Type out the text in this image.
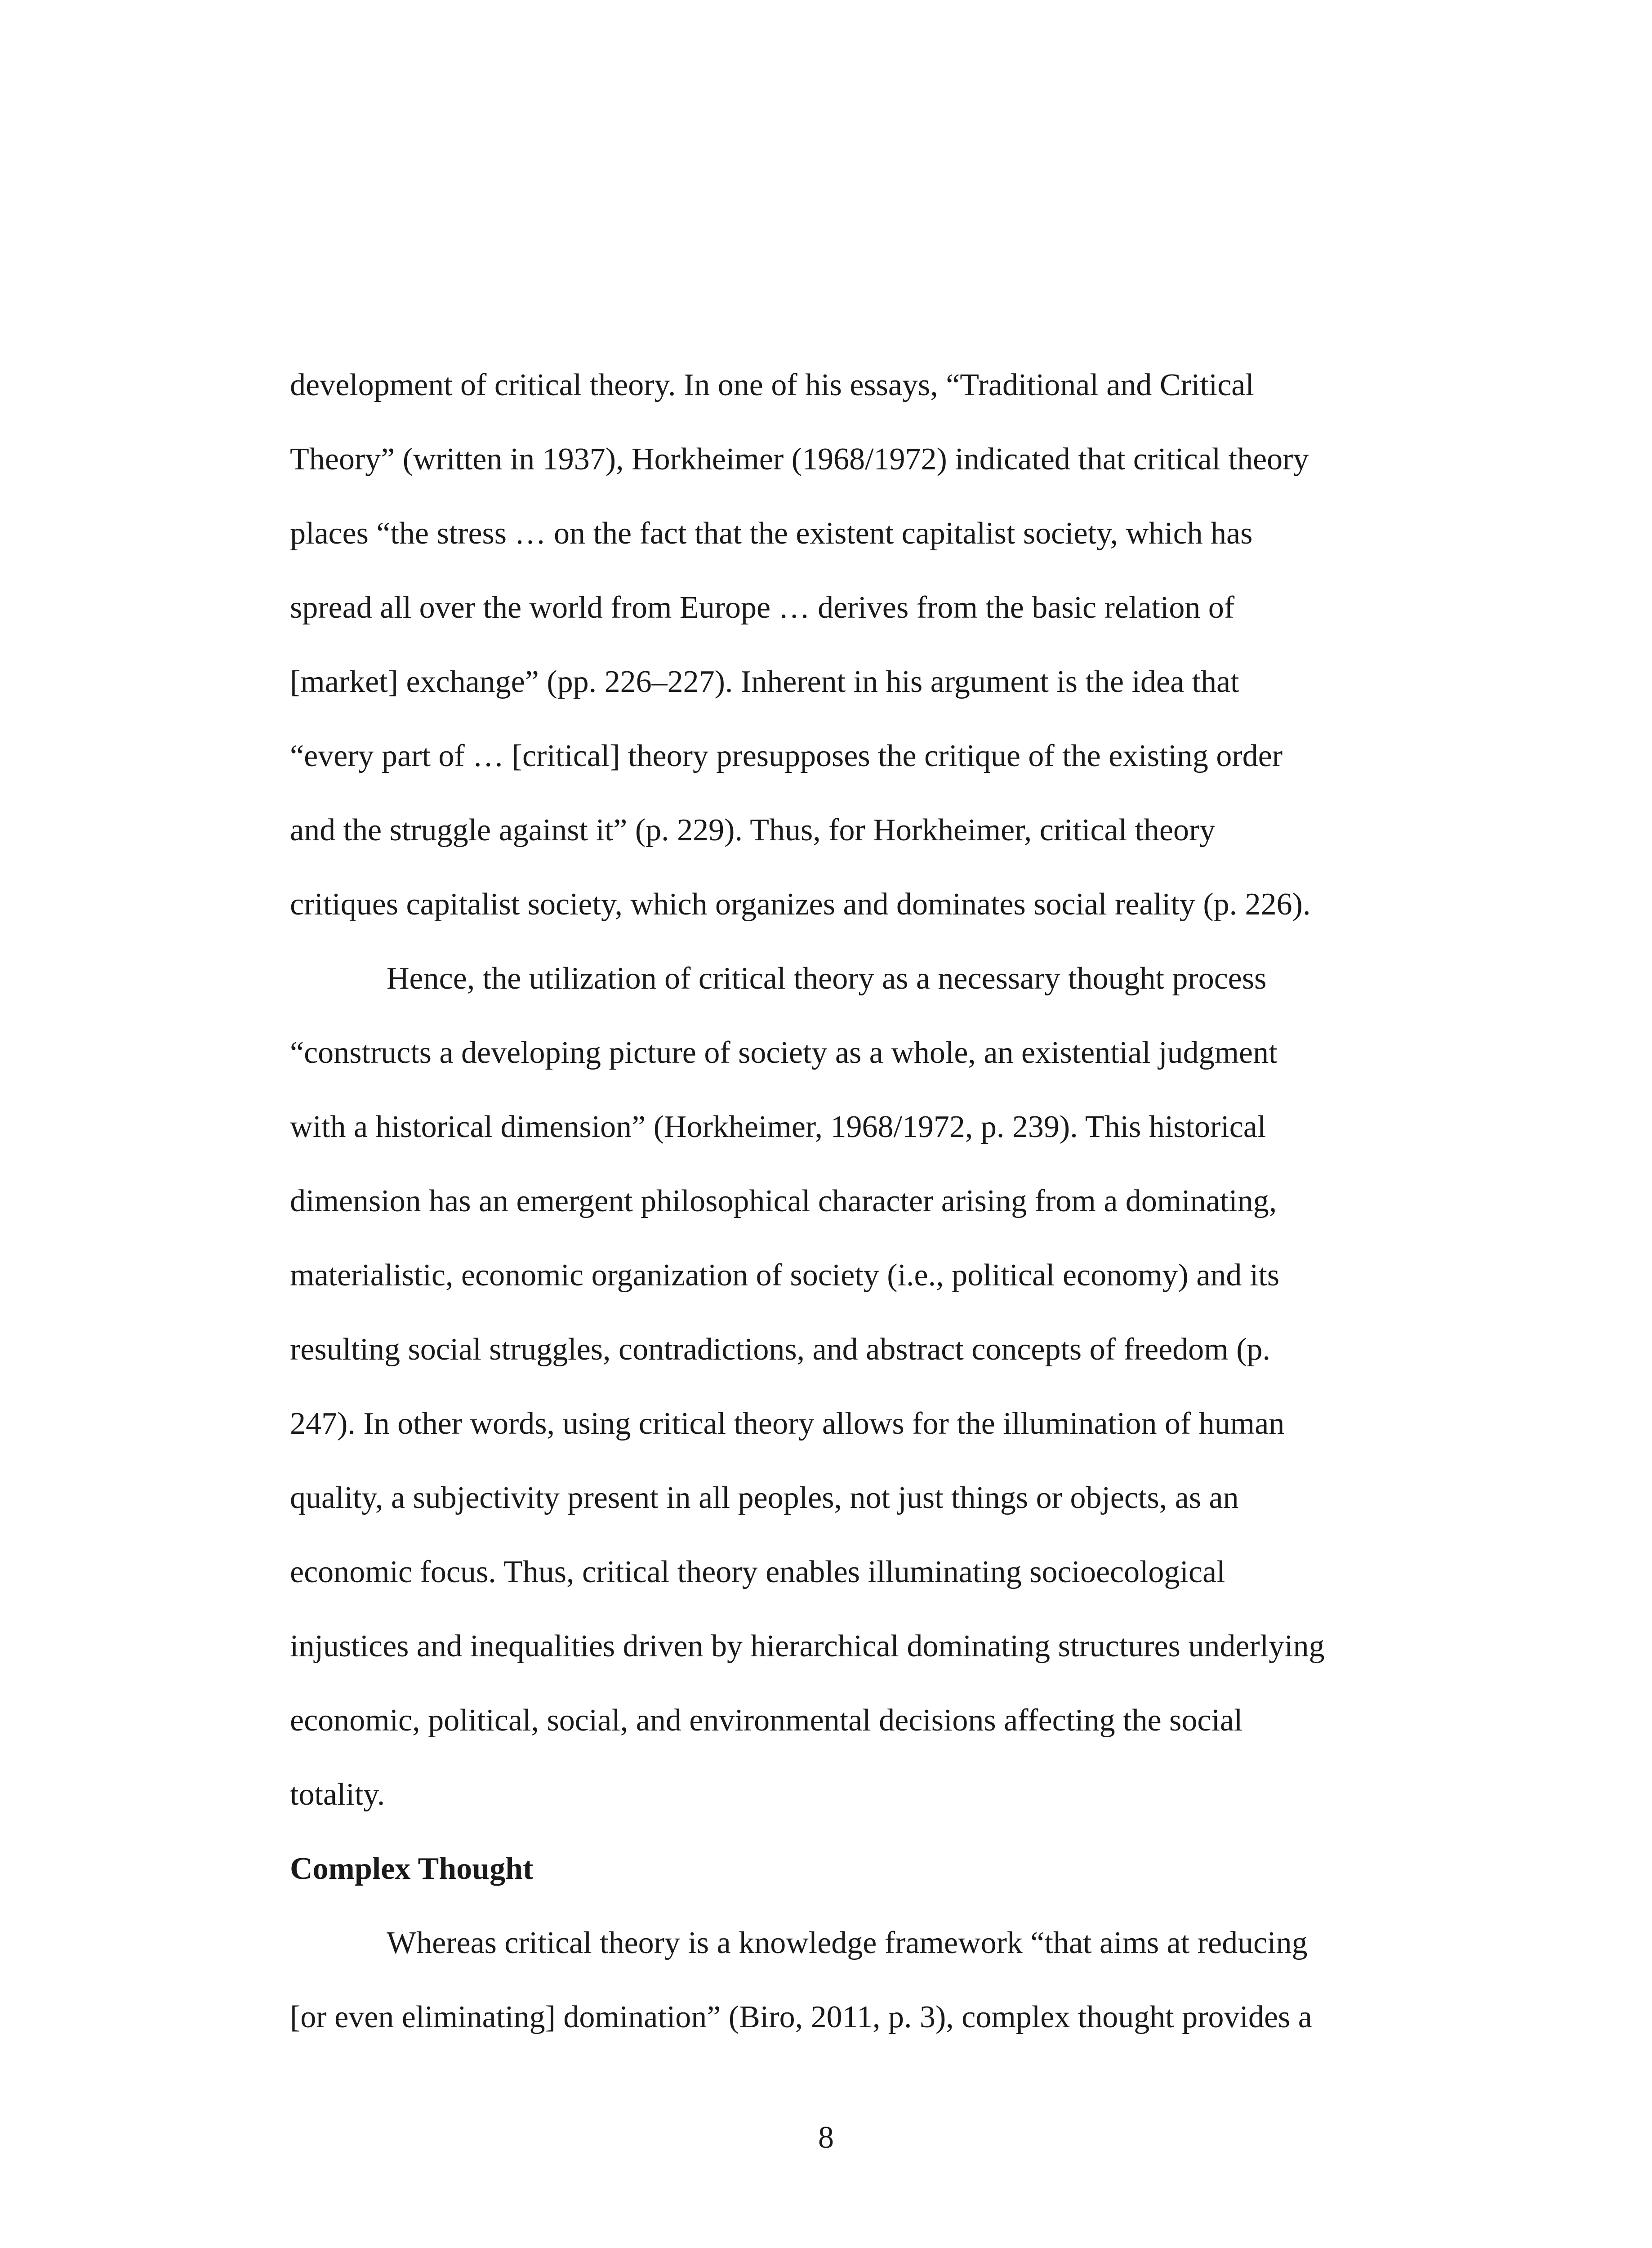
development of critical theory. In one of his essays, “Traditional and Critical
Theory” (written in 1937), Horkheimer (1968/1972) indicated that critical theory
places “the stress … on the fact that the existent capitalist society, which has
spread all over the world from Europe … derives from the basic relation of
[market] exchange” (pp. 226–227). Inherent in his argument is the idea that
“every part of … [critical] theory presupposes the critique of the existing order
and the struggle against it” (p. 229). Thus, for Horkheimer, critical theory
critiques capitalist society, which organizes and dominates social reality (p. 226).
Hence, the utilization of critical theory as a necessary thought process
“constructs a developing picture of society as a whole, an existential judgment
with a historical dimension” (Horkheimer, 1968/1972, p. 239). This historical
dimension has an emergent philosophical character arising from a dominating,
materialistic, economic organization of society (i.e., political economy) and its
resulting social struggles, contradictions, and abstract concepts of freedom (p.
247). In other words, using critical theory allows for the illumination of human
quality, a subjectivity present in all peoples, not just things or objects, as an
economic focus. Thus, critical theory enables illuminating socioecological
injustices and inequalities driven by hierarchical dominating structures underlying
economic, political, social, and environmental decisions affecting the social
totality.
Complex Thought
Whereas critical theory is a knowledge framework “that aims at reducing
[or even eliminating] domination” (Biro, 2011, p. 3), complex thought provides a
8
